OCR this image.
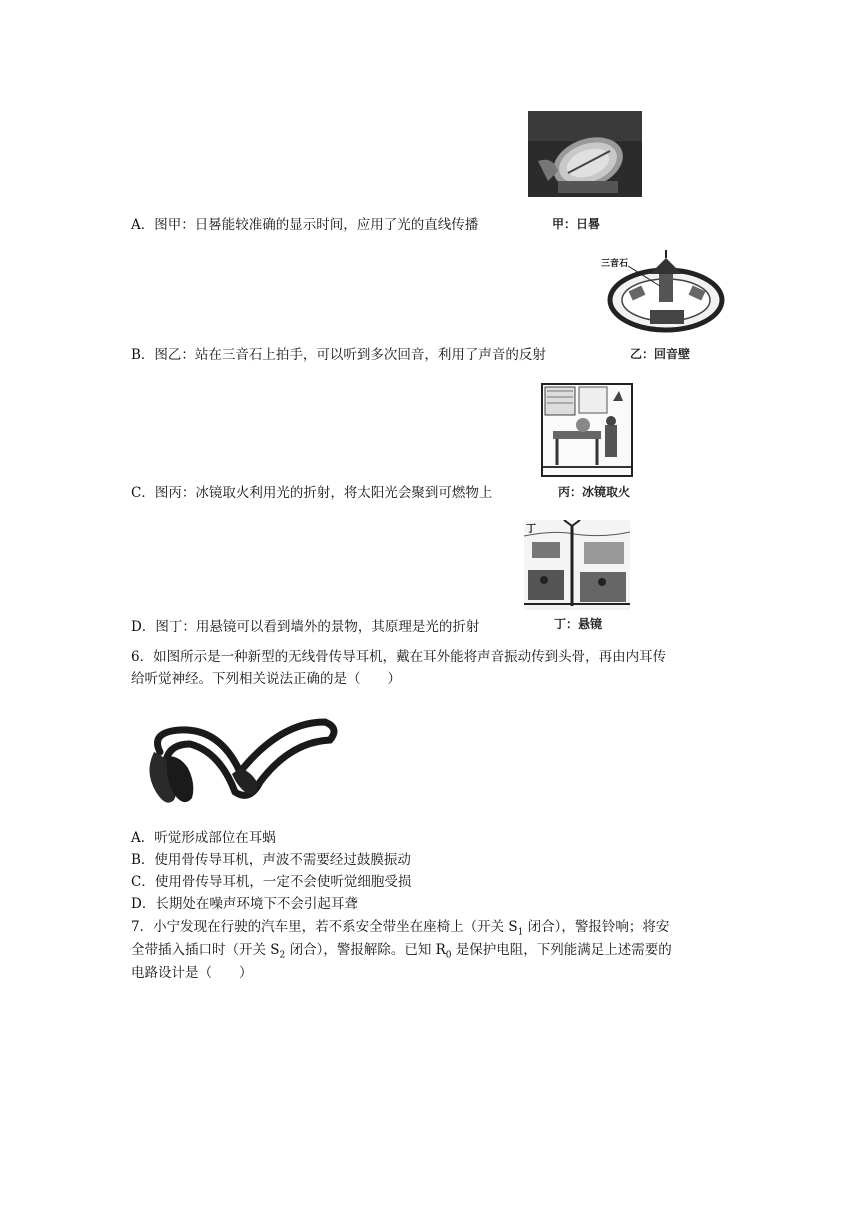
甲：日晷
A．图甲：日晷能较准确的显示时间，应用了光的直线传播
三音石
乙：回音壁
B．图乙：站在三音石上拍手，可以听到多次回音，利用了声音的反射
丙：冰镜取火
C．图丙：冰镜取火利用光的折射，将太阳光会聚到可燃物上
丁
丁：悬镜
D．图丁：用悬镜可以看到墙外的景物，其原理是光的折射
6．如图所示是一种新型的无线骨传导耳机，戴在耳外能将声音振动传到头骨，再由内耳传
给听觉神经。下列相关说法正确的是（　　）
A．听觉形成部位在耳蜗
B．使用骨传导耳机，声波不需要经过鼓膜振动
C．使用骨传导耳机，一定不会使听觉细胞受损
D．长期处在噪声环境下不会引起耳聋
7．小宁发现在行驶的汽车里，若不系安全带坐在座椅上（开关 $S_1$ 闭合），警报铃响；将安
全带插入插口时（开关 $S_2$ 闭合），警报解除。已知 $R_0$ 是保护电阻，下列能满足上述需要的
电路设计是（　　）
